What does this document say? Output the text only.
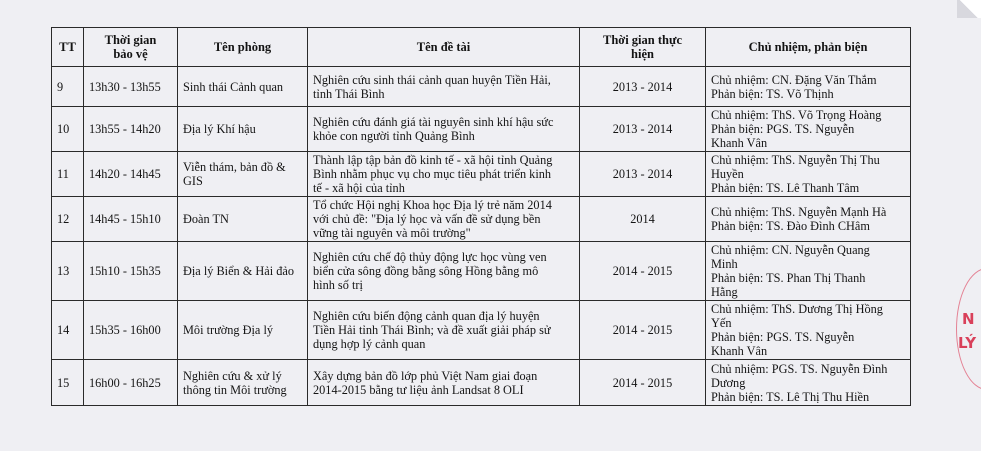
TT	Thời gian
bảo vệ	Tên phòng	Tên đề tài	Thời gian thực
hiện	Chủ nhiệm, phản biện
9	13h30 - 13h55	Sinh thái Cảnh quan	Nghiên cứu sinh thái cảnh quan huyện Tiền Hải,
tỉnh Thái Bình	2013 - 2014	Chủ nhiệm: CN. Đặng Văn Thắm
Phản biện: TS. Võ Thịnh

10	13h55 - 14h20	Địa lý Khí hậu	Nghiên cứu đánh giá tài nguyên sinh khí hậu sức
khỏe con người tỉnh Quảng Bình	2013 - 2014	Chủ nhiệm: ThS. Võ Trọng Hoàng
Phản biện: PGS. TS. Nguyễn
Khanh Vân

11	14h20 - 14h45	Viễn thám, bản đồ &
GIS	Thành lập tập bản đồ kinh tế - xã hội tỉnh Quảng
Bình nhằm phục vụ cho mục tiêu phát triển kinh
tế - xã hội của tỉnh	2013 - 2014	Chủ nhiệm: ThS. Nguyễn Thị Thu
Huyền
Phản biện: TS. Lê Thanh Tâm

12	14h45 - 15h10	Đoàn TN	Tổ chức Hội nghị Khoa học Địa lý trẻ năm 2014
với chủ đề: "Địa lý học và vấn đề sử dụng bền
vững tài nguyên và môi trường"	2014	Chủ nhiệm: ThS. Nguyễn Mạnh Hà
Phản biện: TS. Đào Đình CHâm

13	15h10 - 15h35	Địa lý Biển & Hải đảo	Nghiên cứu chế độ thủy động lực học vùng ven
biển cửa sông đồng bằng sông Hồng bằng mô
hình số trị	2014 - 2015	Chủ nhiệm: CN. Nguyễn Quang
Minh
Phản biện: TS. Phan Thị Thanh
Hằng

14	15h35 - 16h00	Môi trường Địa lý	Nghiên cứu biến động cảnh quan địa lý huyện
Tiền Hải tỉnh Thái Bình; và đề xuất giải pháp sử
dụng hợp lý cảnh quan	2014 - 2015	Chủ nhiệm: ThS. Dương Thị Hồng
Yến
Phản biện: PGS. TS. Nguyễn
Khanh Vân

15	16h00 - 16h25	Nghiên cứu & xử lý
thông tin Môi trường	Xây dựng bản đồ lớp phủ Việt Nam giai đoạn
2014-2015 bằng tư liệu ảnh Landsat 8 OLI	2014 - 2015	Chủ nhiệm: PGS. TS. Nguyễn Đình
Dương
Phản biện: TS. Lê Thị Thu Hiền
N
LÝ
